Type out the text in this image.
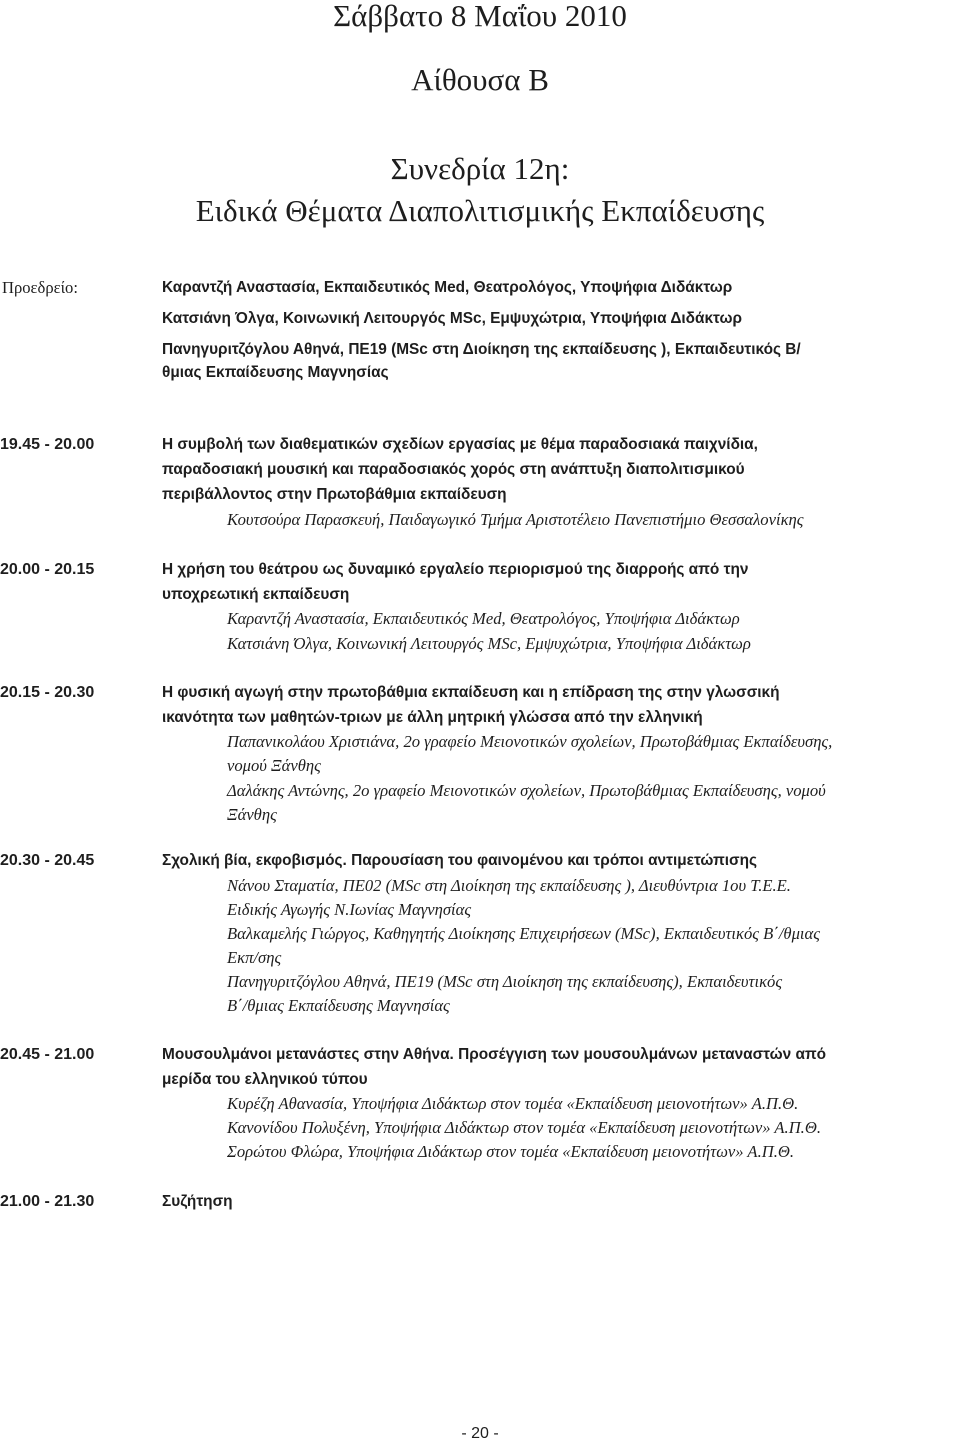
Σάββατο 8 Μαΐου 2010
Αίθουσα Β
Συνεδρία 12η:
Ειδικά Θέματα Διαπολιτισμικής Εκπαίδευσης
Προεδρείο:	Καραντζή Αναστασία, Εκπαιδευτικός Med, Θεατρολόγος, Υποψήφια Διδάκτωρ
Κατσιάνη Όλγα, Κοινωνική Λειτουργός MSc, Εμψυχώτρια, Υποψήφια Διδάκτωρ
Πανηγυριτζόγλου Αθηνά, ΠΕ19 (MSc στη Διοίκηση της εκπαίδευσης ), Εκπαιδευτικός Β/
θμιας Εκπαίδευσης Μαγνησίας
19.45 - 20.00	Η συμβολή των διαθεματικών σχεδίων εργασίας με θέμα παραδοσιακά παιχνίδια,
παραδοσιακή μουσική και παραδοσιακός χορός στη ανάπτυξη διαπολιτισμικού
περιβάλλοντος στην Πρωτοβάθμια εκπαίδευση
Κουτσούρα Παρασκευή, Παιδαγωγικό Τμήμα Αριστοτέλειο Πανεπιστήμιο Θεσσαλονίκης
20.00 - 20.15	Η χρήση του θεάτρου ως δυναμικό εργαλείο περιορισμού της διαρροής από την
υποχρεωτική εκπαίδευση
Καραντζή Αναστασία, Εκπαιδευτικός Med, Θεατρολόγος, Υποψήφια Διδάκτωρ
Κατσιάνη Όλγα, Κοινωνική Λειτουργός MSc, Εμψυχώτρια, Υποψήφια Διδάκτωρ
20.15 - 20.30	Η φυσική αγωγή στην πρωτοβάθμια εκπαίδευση και η επίδραση της στην γλωσσική
ικανότητα των μαθητών-τριων με άλλη μητρική γλώσσα από την ελληνική
Παπανικολάου Χριστιάνα, 2ο γραφείο Μειονοτικών σχολείων, Πρωτοβάθμιας Εκπαίδευσης,
νομού Ξάνθης
Δαλάκης Αντώνης, 2ο γραφείο Μειονοτικών σχολείων, Πρωτοβάθμιας Εκπαίδευσης, νομού
Ξάνθης
20.30 - 20.45	Σχολική βία, εκφοβισμός. Παρουσίαση του φαινομένου και τρόποι αντιμετώπισης
Νάνου Σταματία, ΠΕ02 (MSc στη Διοίκηση της εκπαίδευσης ), Διευθύντρια 1ου Τ.Ε.Ε.
Ειδικής Αγωγής Ν.Ιωνίας Μαγνησίας
Βαλκαμελής Γιώργος, Καθηγητής Διοίκησης Επιχειρήσεων (MSc), Εκπαιδευτικός Β΄/θμιας
Εκπ/σης
Πανηγυριτζόγλου Αθηνά, ΠΕ19 (MSc στη Διοίκηση της εκπαίδευσης), Εκπαιδευτικός
Β΄/θμιας Εκπαίδευσης Μαγνησίας
20.45 - 21.00	Μουσουλμάνοι μετανάστες στην Αθήνα. Προσέγγιση των μουσουλμάνων μεταναστών από
μερίδα του ελληνικού τύπου
Κυρέζη Αθανασία, Υποψήφια Διδάκτωρ στον τομέα «Εκπαίδευση μειονοτήτων» Α.Π.Θ.
Κανονίδου Πολυξένη, Υποψήφια Διδάκτωρ στον τομέα «Εκπαίδευση μειονοτήτων» Α.Π.Θ.
Σορώτου Φλώρα, Υποψήφια Διδάκτωρ στον τομέα «Εκπαίδευση μειονοτήτων» Α.Π.Θ.
21.00 - 21.30	Συζήτηση
- 20 -
